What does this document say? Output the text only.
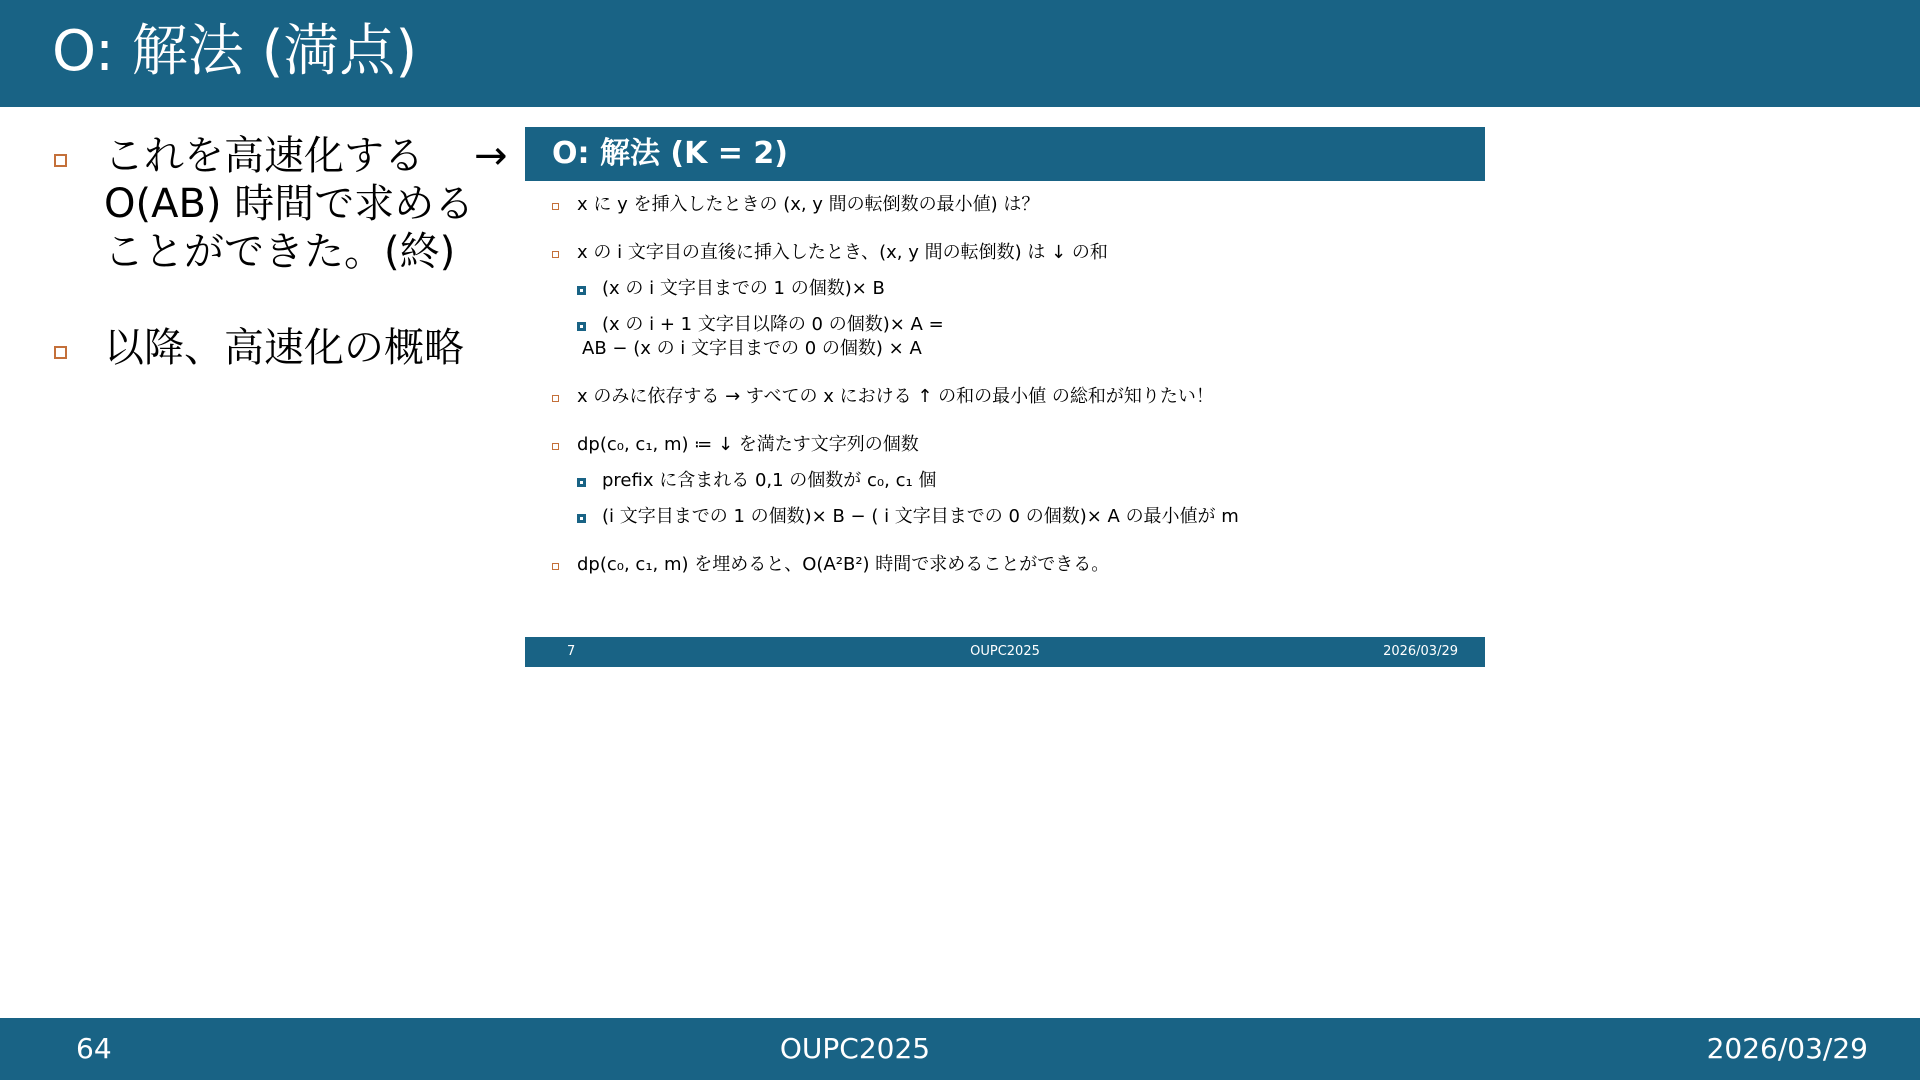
O: 解法 (満点)
これを高速化する
O(AB) 時間で求める
ことができた。(終)
以降、高速化の概略
→ O: 解法 (K = 2)
x に y を挿入したときの (x, y 間の転倒数の最小値) は？
x の i 文字目の直後に挿入したとき、(x, y 間の転倒数) は ↓ の和
(x の i 文字目までの 1 の個数)× B
(x の i + 1 文字目以降の 0 の個数)× A =
AB − (x の i 文字目までの 0 の個数) × A
x のみに依存する → すべての x における ↑ の和の最小値 の総和が知りたい！
dp(c₀, c₁, m) ≔ ↓ を満たす文字列の個数
prefix に含まれる 0,1 の個数が c₀, c₁ 個
(i 文字目までの 1 の個数)× B − ( i 文字目までの 0 の個数)× A の最小値が m
dp(c₀, c₁, m) を埋めると、O(A²B²) 時間で求めることができる。
7	OUPC2025	2026/03/29
64	OUPC2025	2026/03/29
